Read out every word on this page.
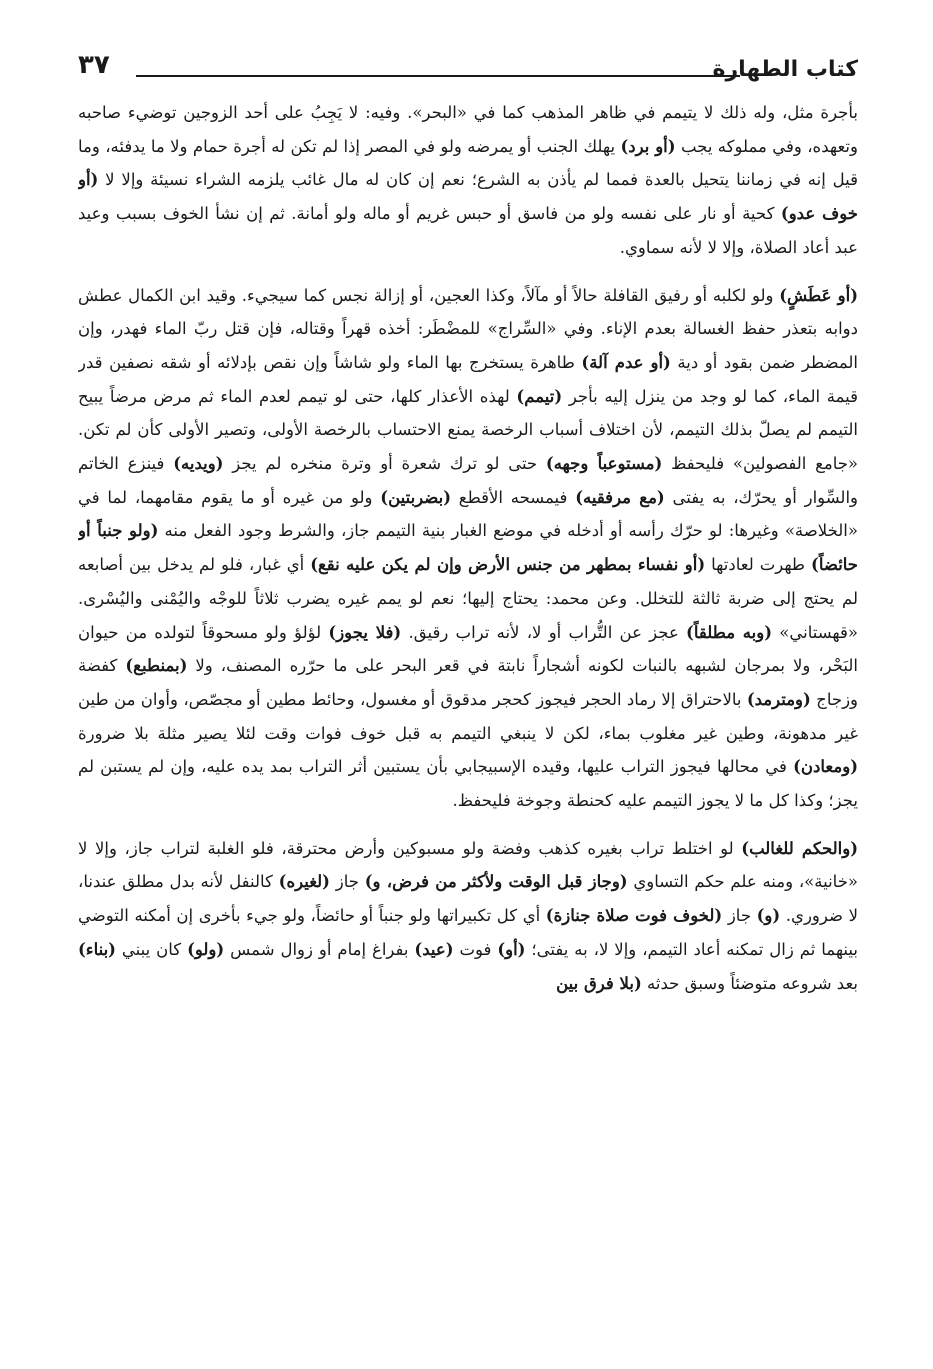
كتاب الطهارة
٣٧

بأجرة مثل، وله ذلك لا يتيمم في ظاهر المذهب كما في «البحر». وفيه: لا يَجِبُ على أحد الزوجين توضيء صاحبه وتعهده، وفي مملوكه يجب (أو برد) يهلك الجنب أو يمرضه ولو في المصر إذا لم تكن له أجرة حمام ولا ما يدفئه، وما قيل إنه في زماننا يتحيل بالعدة فمما لم يأذن به الشرع؛ نعم إن كان له مال غائب يلزمه الشراء نسيئة وإلا لا (أو خوف عدو) كحية أو نار على نفسه ولو من فاسق أو حبس غريم أو ماله ولو أمانة. ثم إن نشأ الخوف بسبب وعيد عبد أعاد الصلاة، وإلا لا لأنه سماوي.

(أو عَطَشٍ) ولو لكلبه أو رفيق القافلة حالاً أو مآلاً، وكذا العجين، أو إزالة نجس كما سيجيء. وقيد ابن الكمال عطش دوابه بتعذر حفظ الغسالة بعدم الإناء. وفي «السِّراج» للمضْطَر: أخذه قهراً وقتاله، فإن قتل ربّ الماء فهدر، وإن المضطر ضمن بقود أو دية (أو عدم آلة) طاهرة يستخرج بها الماء ولو شاشاً وإن نقص بإدلائه أو شقه نصفين قدر قيمة الماء، كما لو وجد من ينزل إليه بأجر (تيمم) لهذه الأعذار كلها، حتى لو تيمم لعدم الماء ثم مرض مرضاً يبيح التيمم لم يصلّ بذلك التيمم، لأن اختلاف أسباب الرخصة يمنع الاحتساب بالرخصة الأولى، وتصير الأولى كأن لم تكن. «جامع الفصولين» فليحفظ (مستوعباً وجهه) حتى لو ترك شعرة أو وترة منخره لم يجز (ويديه) فينزع الخاتم والسِّوار أو يحرّك، به يفتى (مع مرفقيه) فيمسحه الأقطع (بضربتين) ولو من غيره أو ما يقوم مقامهما، لما في «الخلاصة» وغيرها: لو حرّك رأسه أو أدخله في موضع الغبار بنية التيمم جاز، والشرط وجود الفعل منه (ولو جنباً أو حائضاً) طهرت لعادتها (أو نفساء بمطهر من جنس الأرض وإن لم يكن عليه نقع) أي غبار، فلو لم يدخل بين أصابعه لم يحتج إلى ضربة ثالثة للتخلل. وعن محمد: يحتاج إليها؛ نعم لو يمم غيره يضرب ثلاثاً للوجْه واليُمْنى واليُسْرى. «قهستاني» (وبه مطلقاً) عجز عن التُّراب أو لا، لأنه تراب رقيق. (فلا يجوز) لؤلؤ ولو مسحوقاً لتولده من حيوان البَحْر، ولا بمرجان لشبهه بالنبات لكونه أشجاراً نابتة في قعر البحر على ما حرّره المصنف، ولا (بمنطبع) كفضة وزجاج (ومترمد) بالاحتراق إلا رماد الحجر فيجوز كحجر مدقوق أو مغسول، وحائط مطين أو مجصّص، وأوان من طين غير مدهونة، وطين غير مغلوب بماء، لكن لا ينبغي التيمم به قبل خوف فوات وقت لئلا يصير مثلة بلا ضرورة (ومعادن) في محالها فيجوز التراب عليها، وقيده الإسبيجابي بأن يستبين أثر التراب بمد يده عليه، وإن لم يستبن لم يجز؛ وكذا كل ما لا يجوز التيمم عليه كحنطة وجوخة فليحفظ.

(والحكم للغالب) لو اختلط تراب بغيره كذهب وفضة ولو مسبوكين وأرض محترقة، فلو الغلبة لتراب جاز، وإلا لا «خانية»، ومنه علم حكم التساوي (وجاز قبل الوقت ولأكثر من فرض، و) جاز (لغيره) كالنفل لأنه بدل مطلق عندنا، لا ضروري. (و) جاز (لخوف فوت صلاة جنازة) أي كل تكبيراتها ولو جنباً أو حائضاً، ولو جيء بأخرى إن أمكنه التوضي بينهما ثم زال تمكنه أعاد التيمم، وإلا لا، به يفتى؛ (أو) فوت (عيد) بفراغ إمام أو زوال شمس (ولو) كان يبني (بناء) بعد شروعه متوضئاً وسبق حدثه (بلا فرق بين
